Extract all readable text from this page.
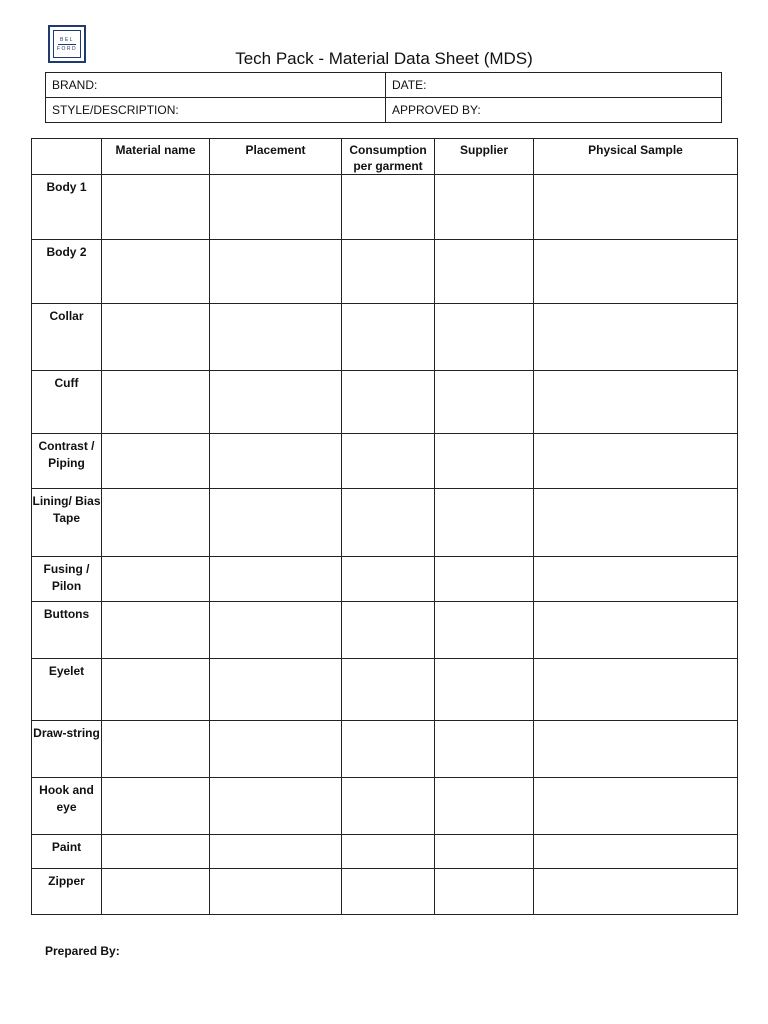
BEL
FORD
Tech Pack - Material Data Sheet (MDS)
BRAND:	DATE:
STYLE/DESCRIPTION:	APPROVED BY:
	Material name	Placement	Consumption per garment	Supplier	Physical Sample
Body 1					
Body 2					
Collar					
Cuff					
Contrast / Piping					
Lining/ Bias Tape					
Fusing / Pilon					
Buttons					
Eyelet					
Draw-string					
Hook and eye					
Paint					
Zipper					
Prepared By:
